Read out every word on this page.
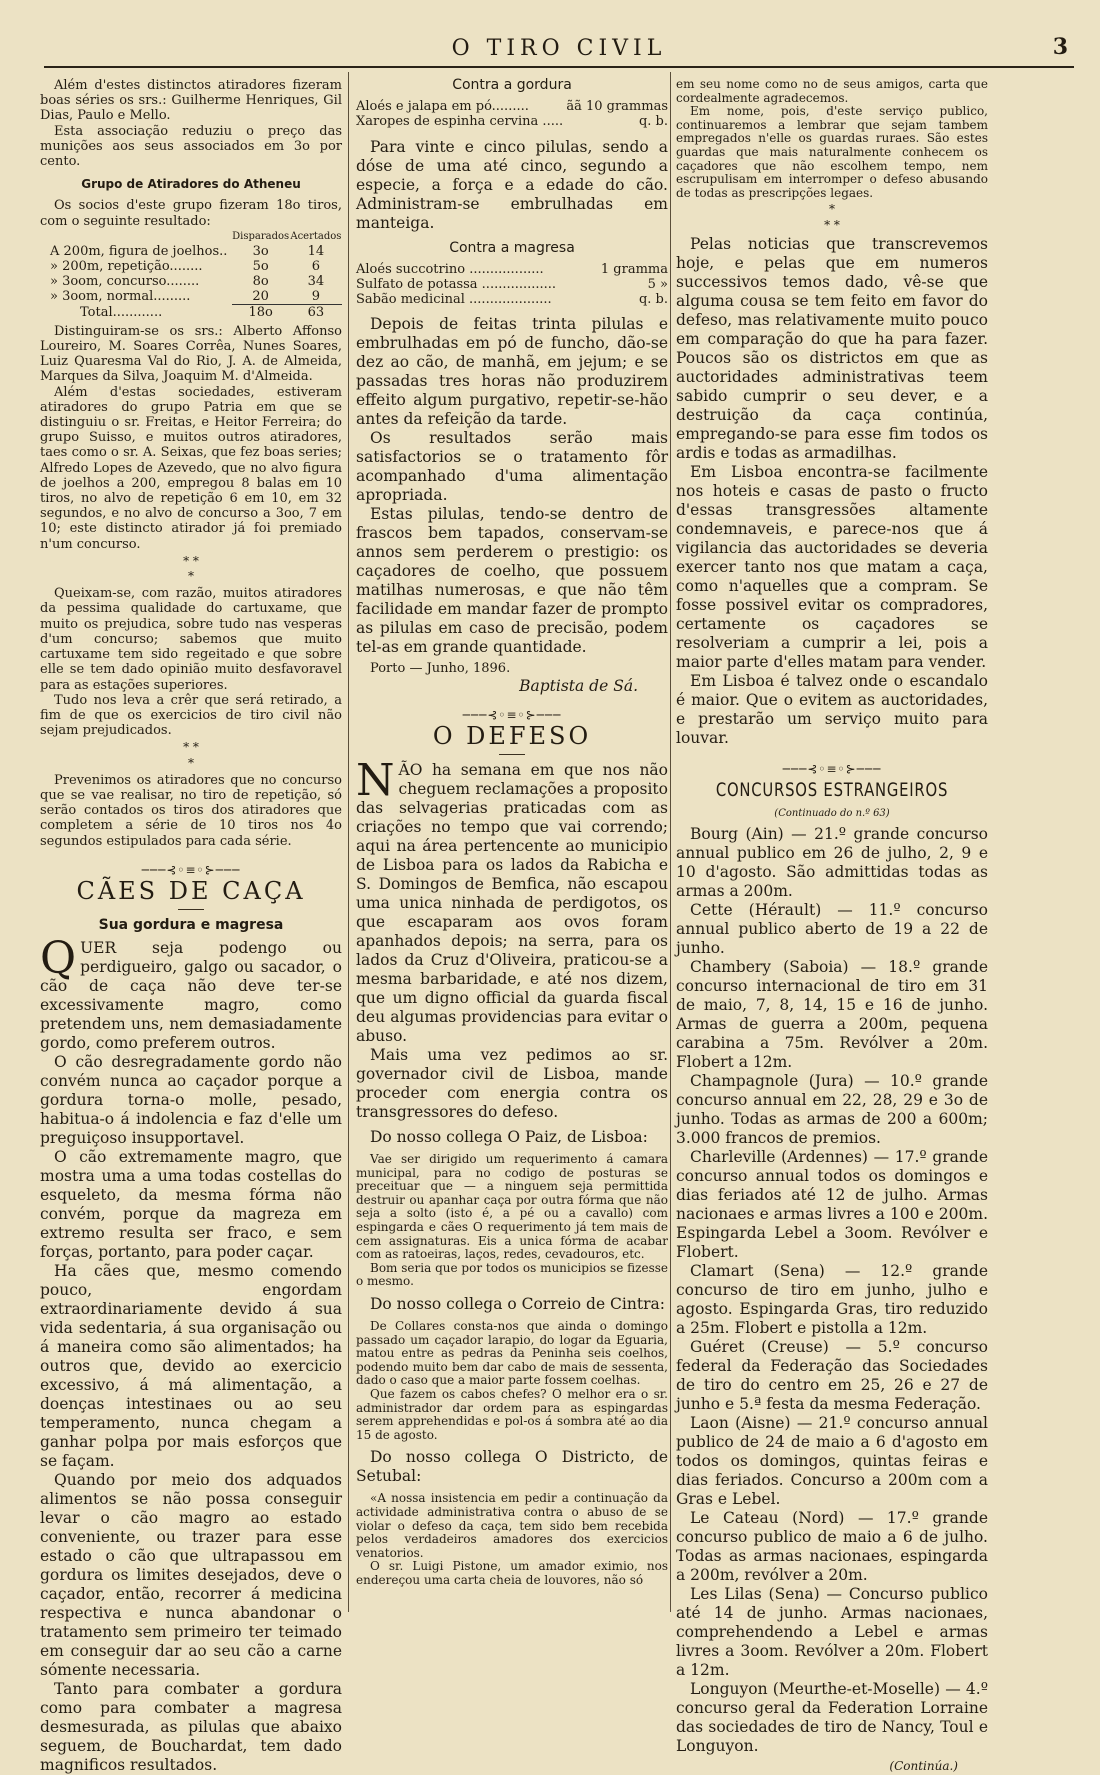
O TIRO CIVIL	3

Além d'estes distinctos atiradores fizeram boas séries os srs.: Guilherme Henriques, Gil Dias, Paulo e Mello.

Esta associação reduziu o preço das munições aos seus associados em 3o por cento.

Grupo de Atiradores do Atheneu

Os socios d'este grupo fizeram 18o tiros, com o seguinte resultado:

	Disparados	Acertados
A 200m, figura de joelhos..	3o	14
» 200m, repetição........	5o	6
» 3oom, concurso........	8o	34
» 3oom, normal.........	20	9
Total............	18o	63

Distinguiram-se os srs.: Alberto Affonso Loureiro, M. Soares Corrêa, Nunes Soares, Luiz Quaresma Val do Rio, J. A. de Almeida, Marques da Silva, Joaquim M. d'Almeida.

Além d'estas sociedades, estiveram atiradores do grupo Patria em que se distinguiu o sr. Freitas, e Heitor Ferreira; do grupo Suisso, e muitos outros atiradores, taes como o sr. A. Seixas, que fez boas series; Alfredo Lopes de Azevedo, que no alvo figura de joelhos a 200, empregou 8 balas em 10 tiros, no alvo de repetição 6 em 10, em 32 segundos, e no alvo de concurso a 3oo, 7 em 10; este distincto atirador já foi premiado n'um concurso.

* *
*

Queixam-se, com razão, muitos atiradores da pessima qualidade do cartuxame, que muito os prejudica, sobre tudo nas vesperas d'um concurso; sabemos que muito cartuxame tem sido regeitado e que sobre elle se tem dado opinião muito desfavoravel para as estações superiores.

Tudo nos leva a crêr que será retirado, a fim de que os exercicios de tiro civil não sejam prejudicados.

* *
*

Prevenimos os atiradores que no concurso que se vae realisar, no tiro de repetição, só serão contados os tiros dos atiradores que completem a série de 10 tiros nos 4o segundos estipulados para cada série.

───⊰◦≡◦⊱───
CÃES DE CAÇA
Sua gordura e magresa

QUER seja podengo ou perdigueiro, galgo ou sacador, o cão de caça não deve ter-se excessivamente magro, como pretendem uns, nem demasiadamente gordo, como preferem outros.

O cão desregradamente gordo não convém nunca ao caçador porque a gordura torna-o molle, pesado, habitua-o á indolencia e faz d'elle um preguiçoso insupportavel.

O cão extremamente magro, que mostra uma a uma todas costellas do esqueleto, da mesma fórma não convém, porque da magreza em extremo resulta ser fraco, e sem forças, portanto, para poder caçar.

Ha cães que, mesmo comendo pouco, engordam extraordinariamente devido á sua vida sedentaria, á sua organisação ou á maneira como são alimentados; ha outros que, devido ao exercicio excessivo, á má alimentação, a doenças intestinaes ou ao seu temperamento, nunca chegam a ganhar polpa por mais esforços que se façam.

Quando por meio dos adquados alimentos se não possa conseguir levar o cão magro ao estado conveniente, ou trazer para esse estado o cão que ultrapassou em gordura os limites desejados, deve o caçador, então, recorrer á medicina respectiva e nunca abandonar o tratamento sem primeiro ter teimado em conseguir dar ao seu cão a carne sómente necessaria.

Tanto para combater a gordura como para combater a magresa desmesurada, as pilulas que abaixo seguem, de Bouchardat, tem dado magnificos resultados.

Contra a gordura
Aloés e jalapa em pó.........	ãã 10 grammas
Xaropes de espinha cervina .....	q. b.

Para vinte e cinco pilulas, sendo a dóse de uma até cinco, segundo a especie, a força e a edade do cão. Administram-se embrulhadas em manteiga.

Contra a magresa
Aloés succotrino ..................	1 gramma
Sulfato de potassa ..................	5 »
Sabão medicinal ....................	q. b.

Depois de feitas trinta pilulas e embrulhadas em pó de funcho, dão-se dez ao cão, de manhã, em jejum; e se passadas tres horas não produzirem effeito algum purgativo, repetir-se-hão antes da refeição da tarde.

Os resultados serão mais satisfactorios se o tratamento fôr acompanhado d'uma alimentação apropriada.

Estas pilulas, tendo-se dentro de frascos bem tapados, conservam-se annos sem perderem o prestigio: os caçadores de coelho, que possuem matilhas numerosas, e que não têm facilidade em mandar fazer de prompto as pilulas em caso de precisão, podem tel-as em grande quantidade.

Porto — Junho, 1896.

Baptista de Sá.

───⊰◦≡◦⊱───
O DEFESO

NÃO ha semana em que nos não cheguem reclamações a proposito das selvagerias praticadas com as criações no tempo que vai correndo; aqui na área pertencente ao municipio de Lisboa para os lados da Rabicha e S. Domingos de Bemfica, não escapou uma unica ninhada de perdigotos, os que escaparam aos ovos foram apanhados depois; na serra, para os lados da Cruz d'Oliveira, praticou-se a mesma barbaridade, e até nos dizem, que um digno official da guarda fiscal deu algumas providencias para evitar o abuso.

Mais uma vez pedimos ao sr. governador civil de Lisboa, mande proceder com energia contra os transgressores do defeso.

Do nosso collega O Paiz, de Lisboa:

Vae ser dirigido um requerimento á camara municipal, para no codigo de posturas se preceituar que — a ninguem seja permittida destruir ou apanhar caça por outra fórma que não seja a solto (isto é, a pé ou a cavallo) com espingarda e cães O requerimento já tem mais de cem assignaturas. Eis a unica fórma de acabar com as ratoeiras, laços, redes, cevadouros, etc.

Bom seria que por todos os municipios se fizesse o mesmo.

Do nosso collega o Correio de Cintra:

De Collares consta-nos que ainda o domingo passado um caçador larapio, do logar da Eguaria, matou entre as pedras da Peninha seis coelhos, podendo muito bem dar cabo de mais de sessenta, dado o caso que a maior parte fossem coelhas.

Que fazem os cabos chefes? O melhor era o sr. administrador dar ordem para as espingardas serem apprehendidas e pol-os á sombra até ao dia 15 de agosto.

Do nosso collega O Districto, de Setubal:

«A nossa insistencia em pedir a continuação da actividade administrativa contra o abuso de se violar o defeso da caça, tem sido bem recebida pelos verdadeiros amadores dos exercicios venatorios.

O sr. Luigi Pistone, um amador eximio, nos endereçou uma carta cheia de louvores, não só

em seu nome como no de seus amigos, carta que cordealmente agradecemos.

Em nome, pois, d'este serviço publico, continuaremos a lembrar que sejam tambem empregados n'elle os guardas ruraes. São estes guardas que mais naturalmente conhecem os caçadores que não escolhem tempo, nem escrupulisam em interromper o defeso abusando de todas as prescripções legaes.

*
* *

Pelas noticias que transcrevemos hoje, e pelas que em numeros successivos temos dado, vê-se que alguma cousa se tem feito em favor do defeso, mas relativamente muito pouco em comparação do que ha para fazer. Poucos são os districtos em que as auctoridades administrativas teem sabido cumprir o seu dever, e a destruição da caça continúa, empregando-se para esse fim todos os ardis e todas as armadilhas.

Em Lisboa encontra-se facilmente nos hoteis e casas de pasto o fructo d'essas transgressões altamente condemnaveis, e parece-nos que á vigilancia das auctoridades se deveria exercer tanto nos que matam a caça, como n'aquelles que a compram. Se fosse possivel evitar os compradores, certamente os caçadores se resolveriam a cumprir a lei, pois a maior parte d'elles matam para vender.

Em Lisboa é talvez onde o escandalo é maior. Que o evitem as auctoridades, e prestarão um serviço muito para louvar.

───⊰◦≡◦⊱───
CONCURSOS ESTRANGEIROS
(Continuado do n.º 63)

Bourg (Ain) — 21.º grande concurso annual publico em 26 de julho, 2, 9 e 10 d'agosto. São admittidas todas as armas a 200m.

Cette (Hérault) — 11.º concurso annual publico aberto de 19 a 22 de junho.

Chambery (Saboia) — 18.º grande concurso internacional de tiro em 31 de maio, 7, 8, 14, 15 e 16 de junho. Armas de guerra a 200m, pequena carabina a 75m. Revólver a 20m. Flobert a 12m.

Champagnole (Jura) — 10.º grande concurso annual em 22, 28, 29 e 3o de junho. Todas as armas de 200 a 600m; 3.000 francos de premios.

Charleville (Ardennes) — 17.º grande concurso annual todos os domingos e dias feriados até 12 de julho. Armas nacionaes e armas livres a 100 e 200m. Espingarda Lebel a 3oom. Revólver e Flobert.

Clamart (Sena) — 12.º grande concurso de tiro em junho, julho e agosto. Espingarda Gras, tiro reduzido a 25m. Flobert e pistolla a 12m.

Guéret (Creuse) — 5.º concurso federal da Federação das Sociedades de tiro do centro em 25, 26 e 27 de junho e 5.ª festa da mesma Federação.

Laon (Aisne) — 21.º concurso annual publico de 24 de maio a 6 d'agosto em todos os domingos, quintas feiras e dias feriados. Concurso a 200m com a Gras e Lebel.

Le Cateau (Nord) — 17.º grande concurso publico de maio a 6 de julho. Todas as armas nacionaes, espingarda a 200m, revólver a 20m.

Les Lilas (Sena) — Concurso publico até 14 de junho. Armas nacionaes, comprehendendo a Lebel e armas livres a 3oom. Revólver a 20m. Flobert a 12m.

Longuyon (Meurthe-et-Moselle) — 4.º concurso geral da Federation Lorraine das sociedades de tiro de Nancy, Toul e Longuyon.

(Continúa.)
